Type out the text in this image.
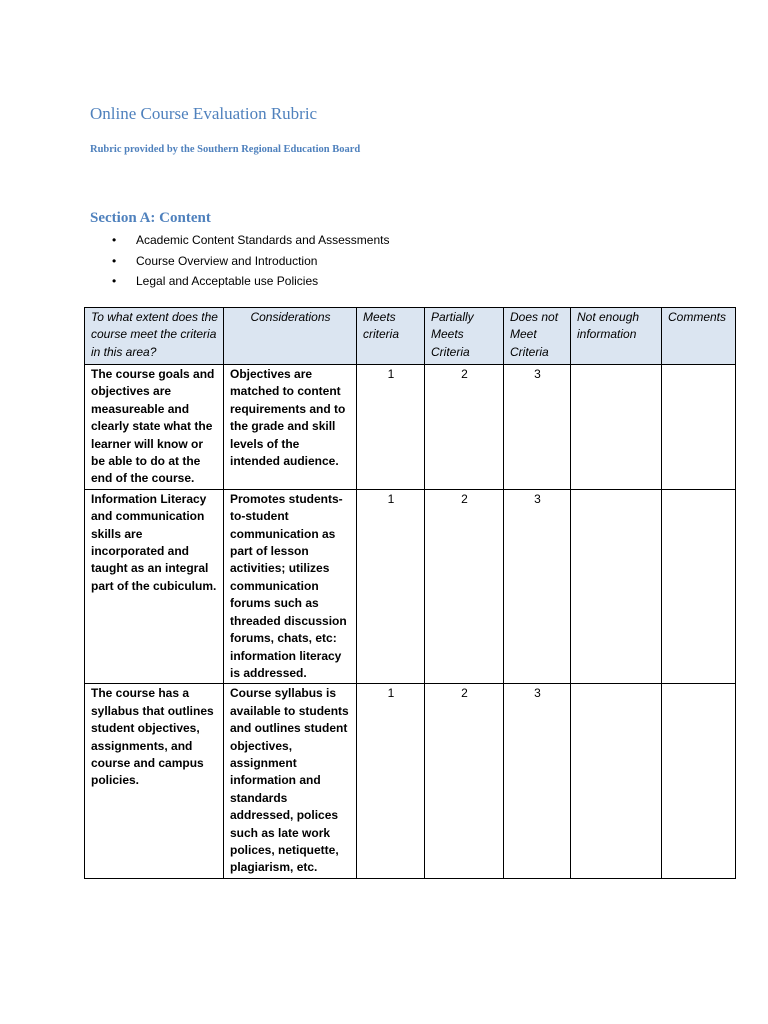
Online Course Evaluation Rubric
Rubric provided by the Southern Regional Education Board
Section A: Content
• Academic Content Standards and Assessments
• Course Overview and Introduction
• Legal and Acceptable use Policies
To what extent does the course meet the criteria in this area?	Considerations	Meets criteria	Partially Meets Criteria	Does not Meet Criteria	Not enough information	Comments
The course goals and objectives are measureable and clearly state what the learner will know or be able to do at the end of the course.	Objectives are matched to content requirements and to the grade and skill levels of the intended audience.	1	2	3		
Information Literacy and communication skills are incorporated and taught as an integral part of the cubiculum.	Promotes students-to-student communication as part of lesson activities; utilizes communication forums such as threaded discussion forums, chats, etc: information literacy is addressed.	1	2	3		
The course has a syllabus that outlines student objectives, assignments, and course and campus policies.	Course syllabus is available to students and outlines student objectives, assignment information and standards addressed, polices such as late work polices, netiquette, plagiarism, etc.	1	2	3		
